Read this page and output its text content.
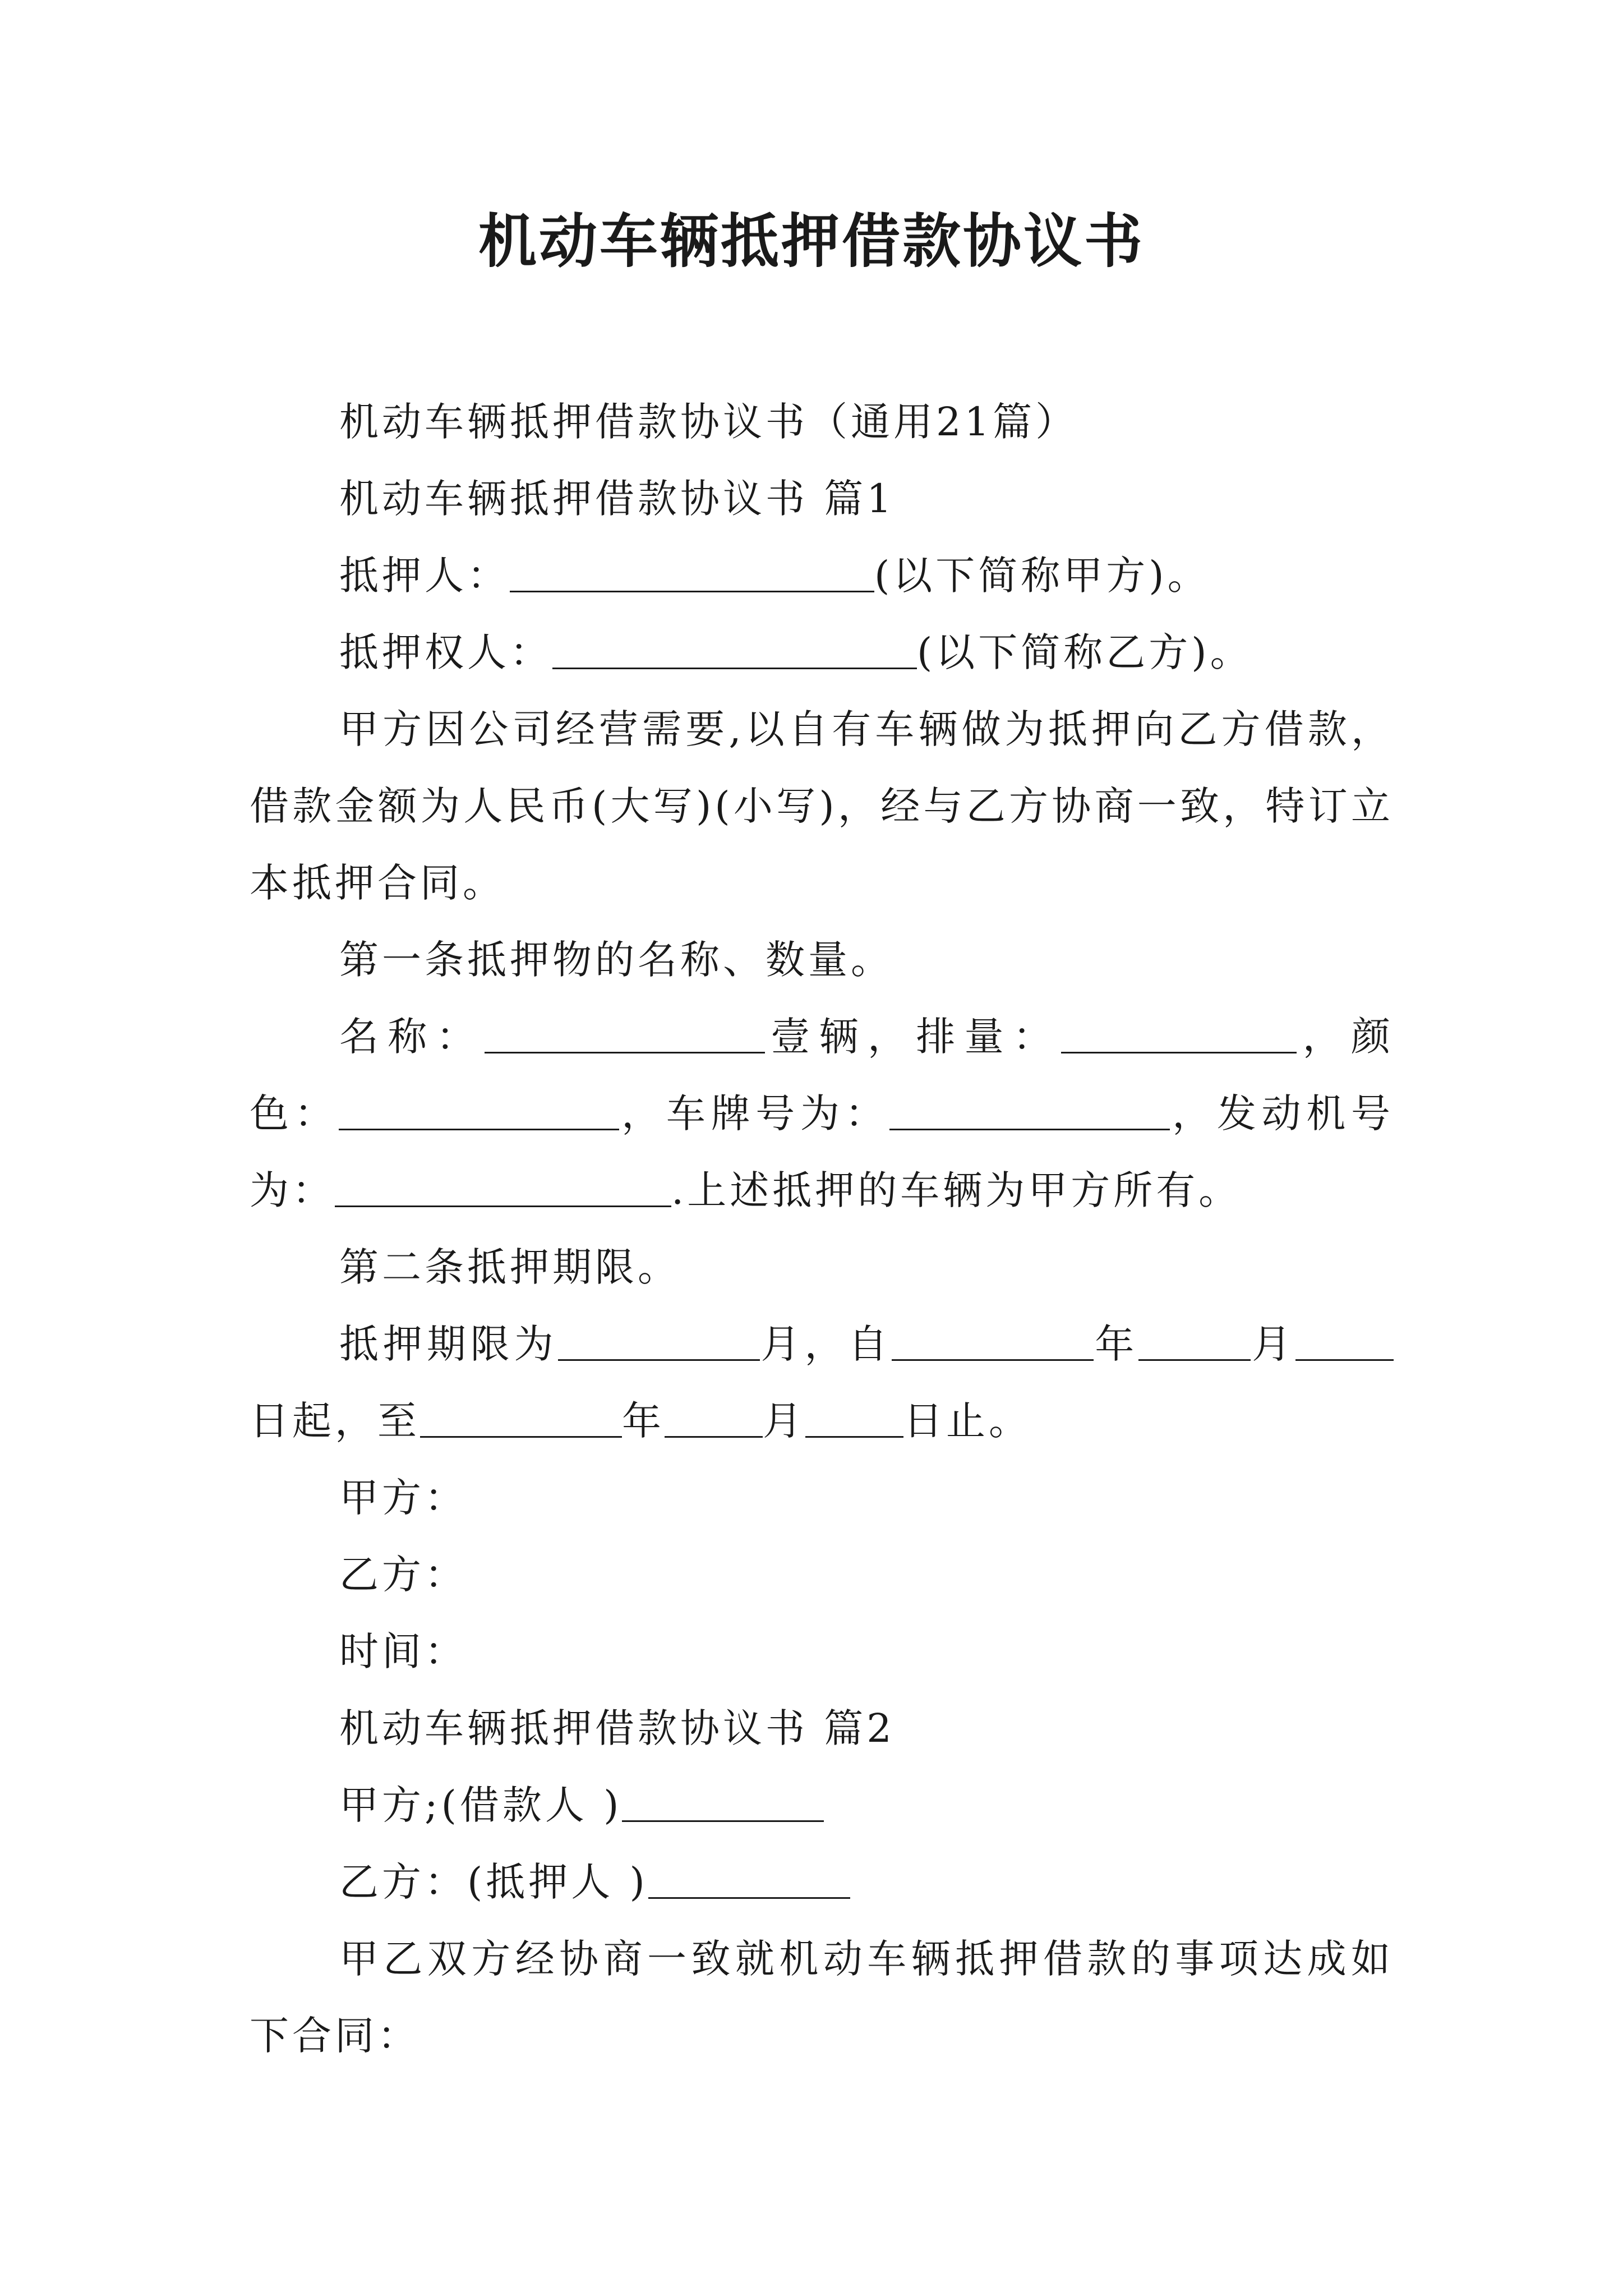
机动车辆抵押借款协议书

机动车辆抵押借款协议书（通用21篇）

机动车辆抵押借款协议书 篇1

抵押人：	(以下简称甲方)。

抵押权人：	(以下简称乙方)。

甲方因公司经营需要,以自有车辆做为抵押向乙方借款，借款金额为人民币(大写)(小写)，经与乙方协商一致，特订立本抵押合同。

第一条抵押物的名称、数量。

名称：	壹辆，排量：	，颜色：	，车牌号为：	，发动机号为：	.上述抵押的车辆为甲方所有。

第二条抵押期限。

抵押期限为	月，自	年	月日起，至	年	月	日止。

甲方：

乙方：

时间：

机动车辆抵押借款协议书 篇2

甲方;(借款人 )

乙方：(抵押人 )

甲乙双方经协商一致就机动车辆抵押借款的事项达成如下合同：
